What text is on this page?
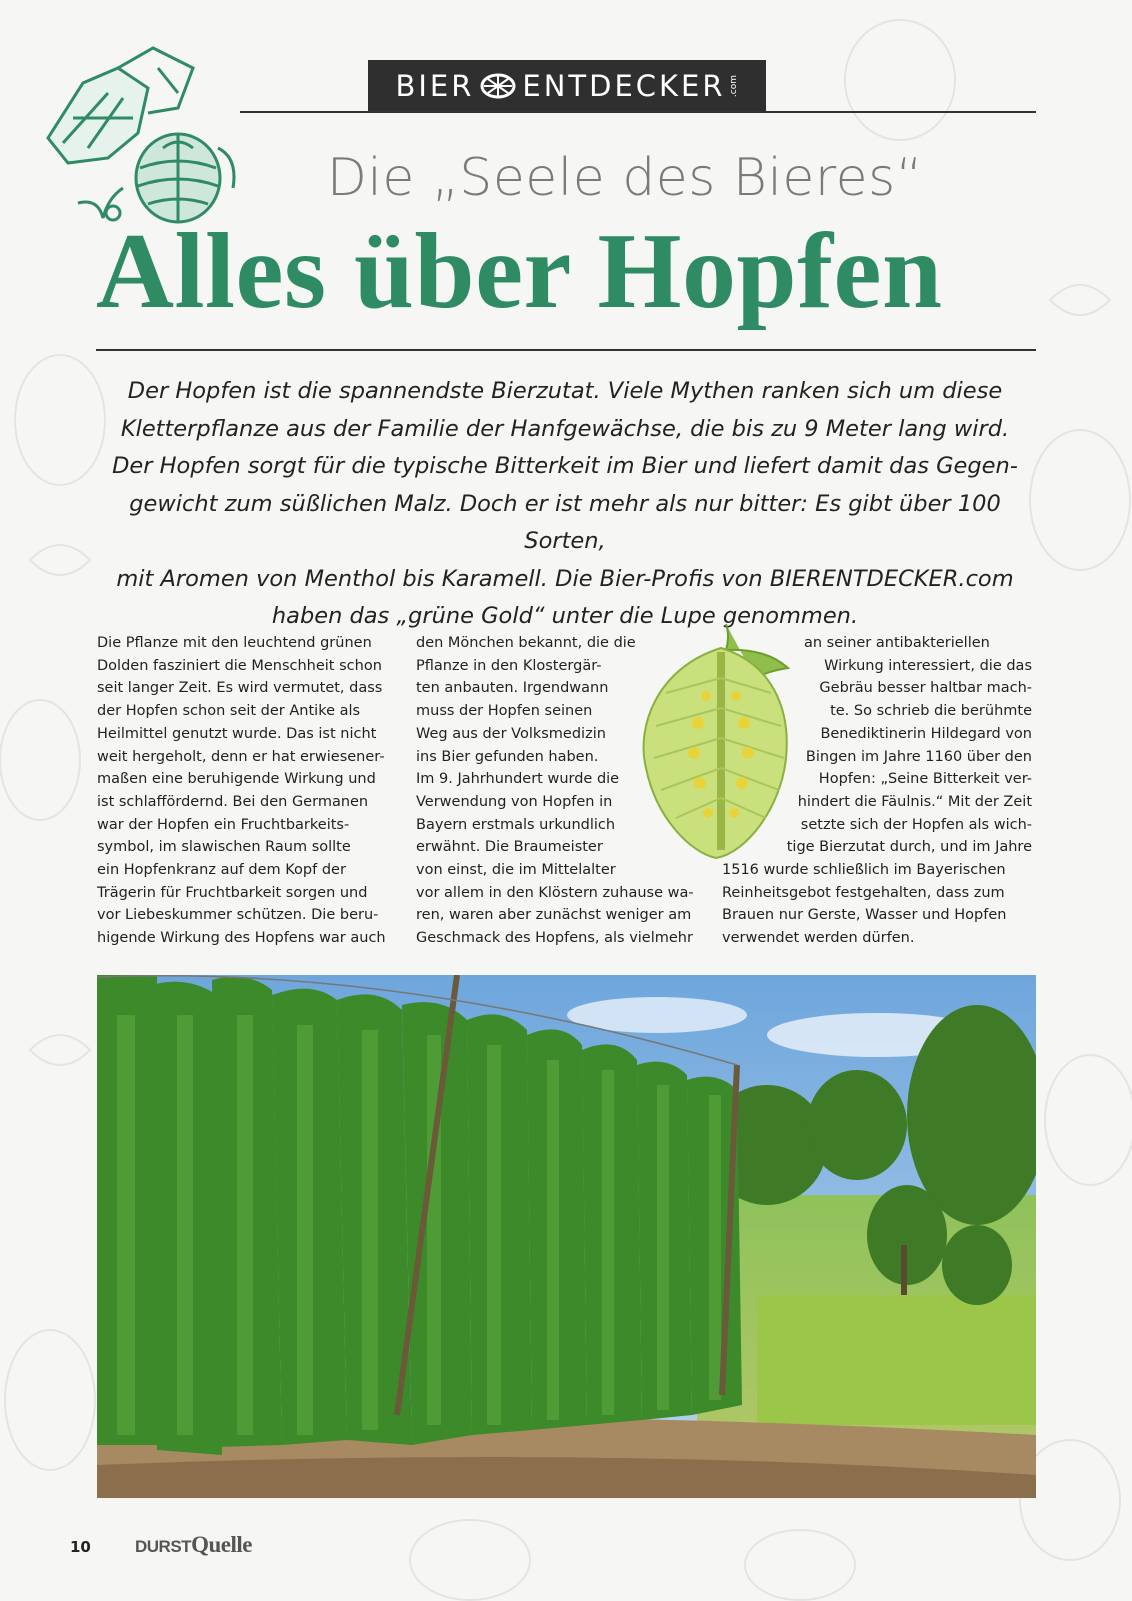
BIER ENTDECKER .com
Die „Seele des Bieres“
Alles über Hopfen
Der Hopfen ist die spannendste Bierzutat. Viele Mythen ranken sich um diese
Kletterpflanze aus der Familie der Hanfgewächse, die bis zu 9 Meter lang wird.
Der Hopfen sorgt für die typische Bitterkeit im Bier und liefert damit das Gegen-
gewicht zum süßlichen Malz. Doch er ist mehr als nur bitter: Es gibt über 100 Sorten,
mit Aromen von Menthol bis Karamell. Die Bier-Profis von BIERENTDECKER.com
haben das „grüne Gold“ unter die Lupe genommen.

Die Pflanze mit den leuchtend grünen

Dolden fasziniert die Menschheit schon

seit langer Zeit. Es wird vermutet, dass

der Hopfen schon seit der Antike als

Heilmittel genutzt wurde. Das ist nicht

weit hergeholt, denn er hat erwiesener-

maßen eine beruhigende Wirkung und

ist schlaffördernd. Bei den Germanen

war der Hopfen ein Fruchtbarkeits-

symbol, im slawischen Raum sollte

ein Hopfenkranz auf dem Kopf der

Trägerin für Fruchtbarkeit sorgen und

vor Liebeskummer schützen. Die beru-

higende Wirkung des Hopfens war auch

den Mönchen bekannt, die die

Pflanze in den Klostergär-

ten anbauten. Irgendwann

muss der Hopfen seinen

Weg aus der Volksmedizin

ins Bier gefunden haben.

Im 9. Jahrhundert wurde die

Verwendung von Hopfen in

Bayern erstmals urkundlich

erwähnt. Die Braumeister

von einst, die im Mittelalter

vor allem in den Klöstern zuhause wa-

ren, waren aber zunächst weniger am

Geschmack des Hopfens, als vielmehr

an seiner antibakteriellen

Wirkung interessiert, die das

Gebräu besser haltbar mach-

te. So schrieb die berühmte

Benediktinerin Hildegard von

Bingen im Jahre 1160 über den

Hopfen: „Seine Bitterkeit ver-

hindert die Fäulnis.“ Mit der Zeit

setzte sich der Hopfen als wich-

tige Bierzutat durch, und im Jahre

1516 wurde schließlich im Bayerischen

Reinheitsgebot festgehalten, dass zum

Brauen nur Gerste, Wasser und Hopfen

verwendet werden dürfen.

10	DURSTQuelle
